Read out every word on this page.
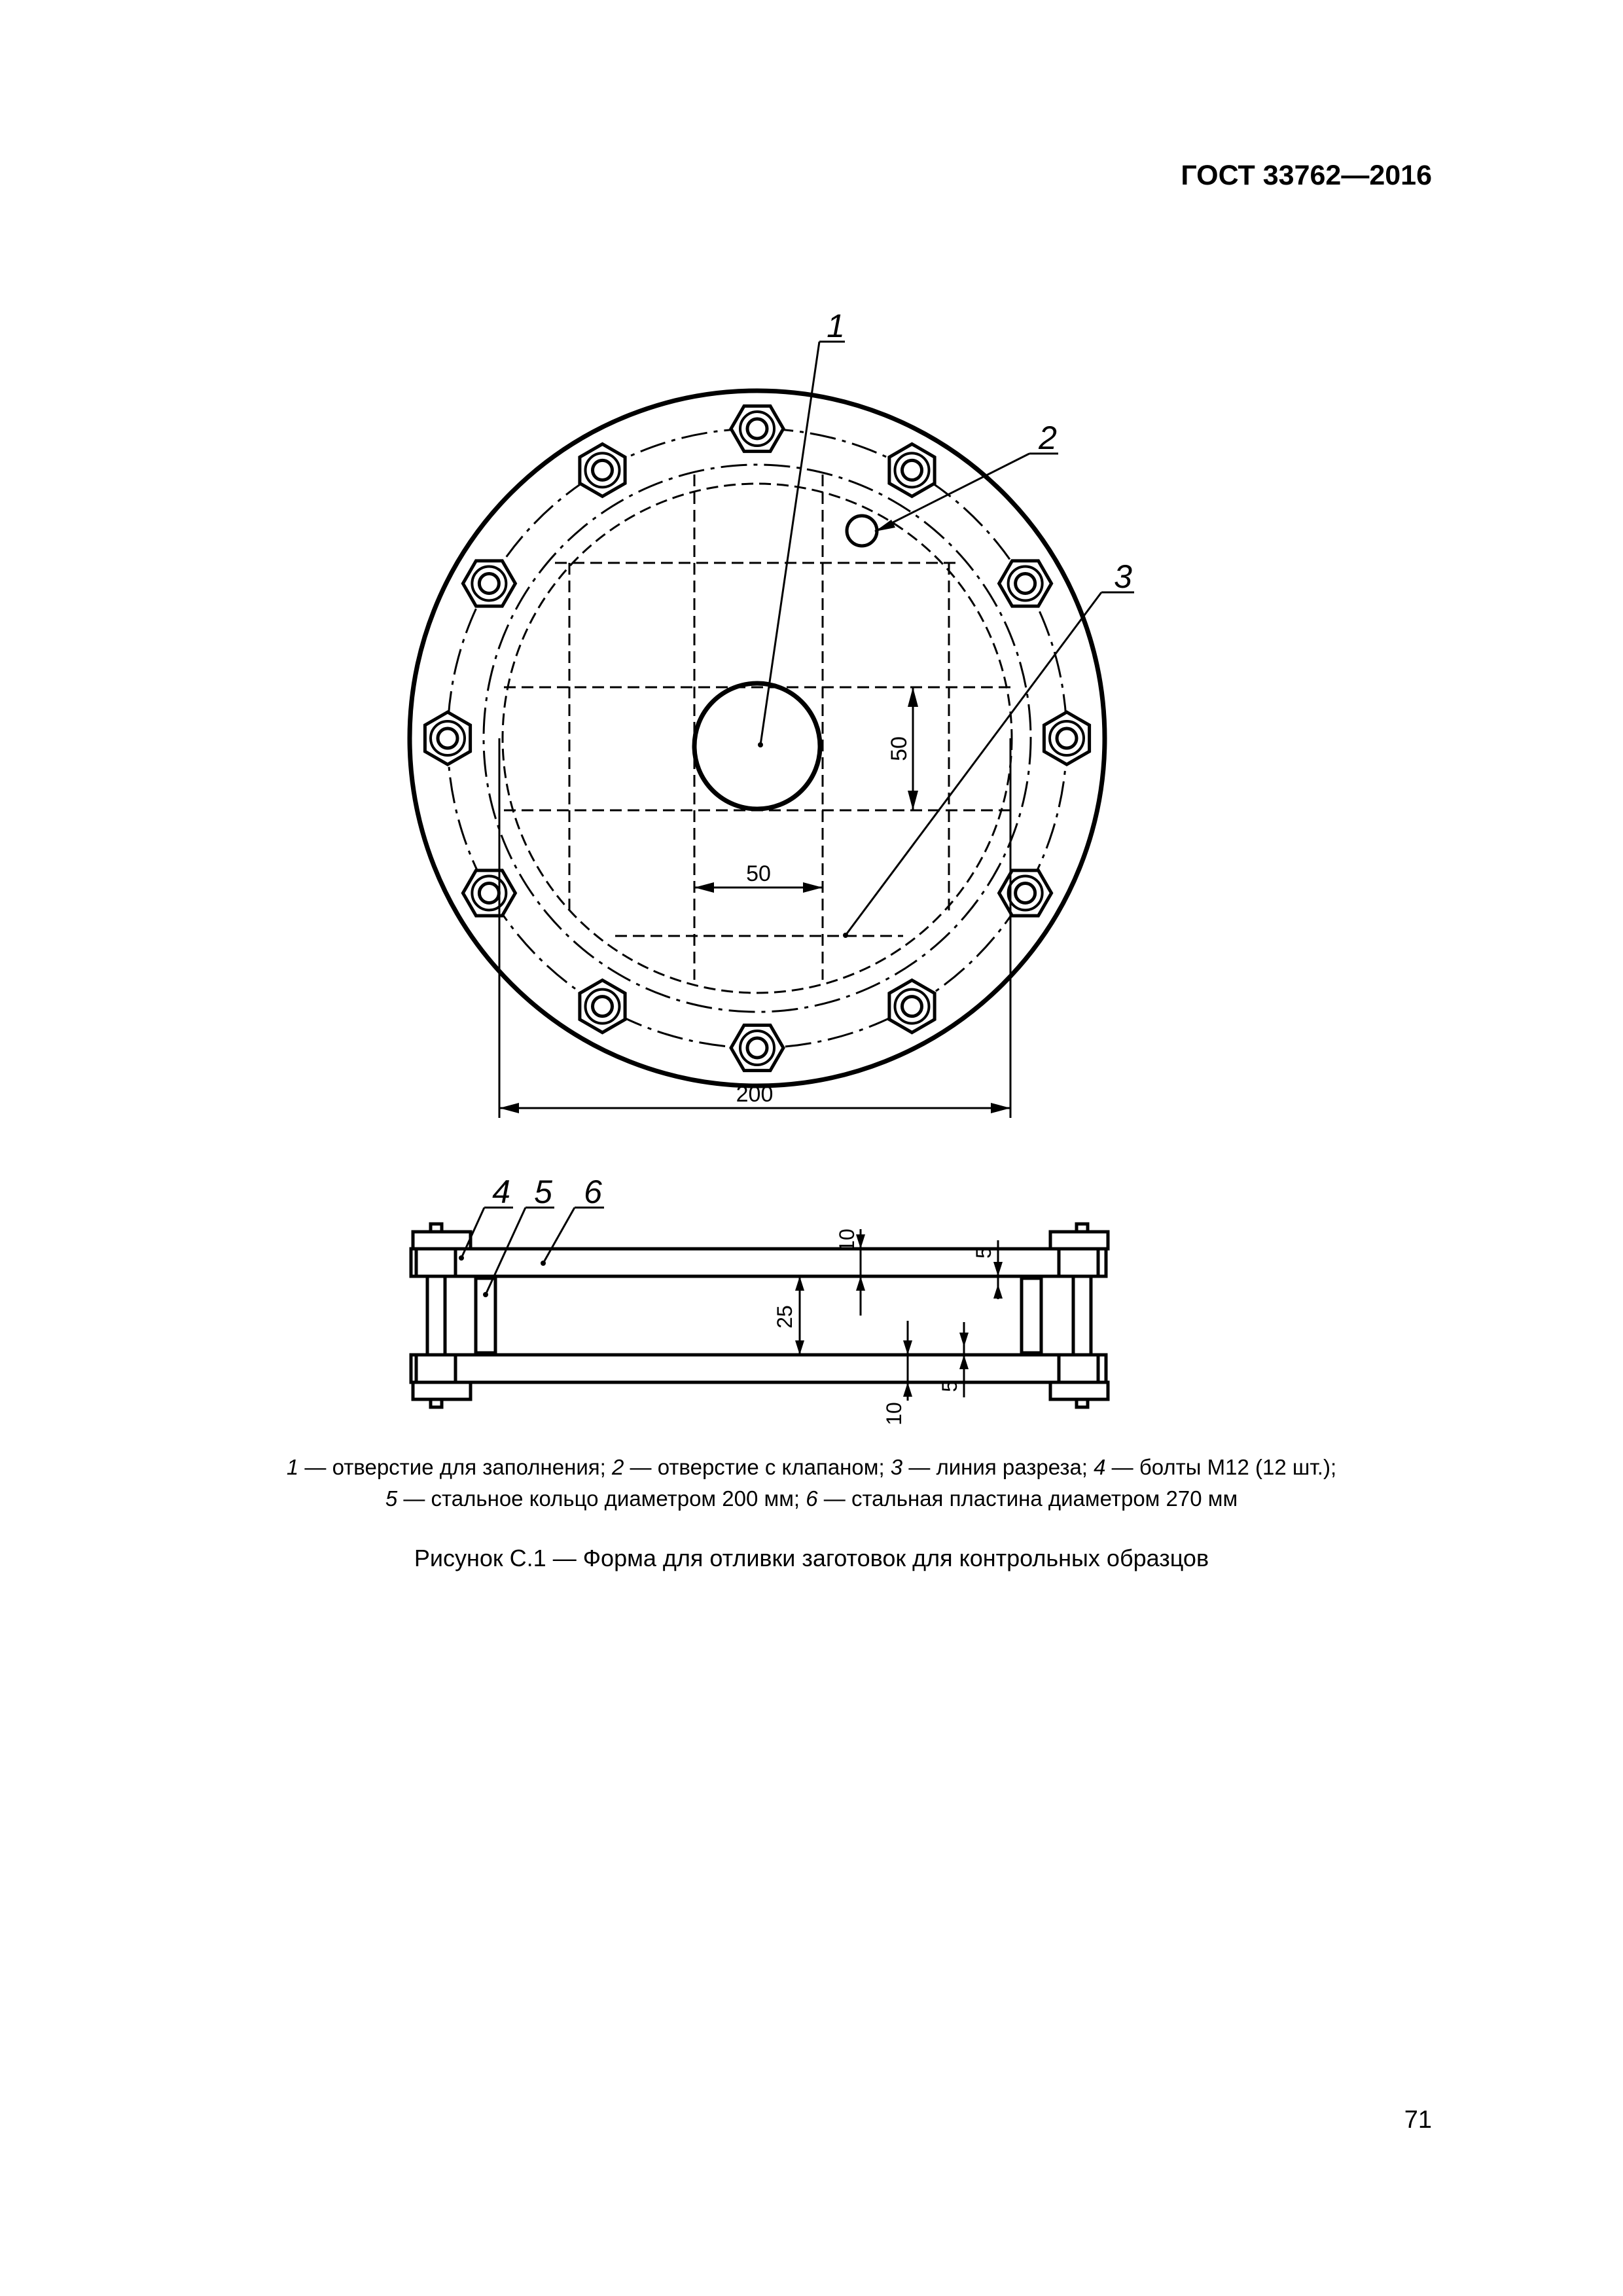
ГОСТ 33762—2016
200
50
50
1
2
3
10
25
10
5
5
4 5 6
1 — отверстие для заполнения; 2 — отверстие с клапаном; 3 — линия разреза; 4 — болты М12 (12 шт.);
5 — стальное кольцо диаметром 200 мм; 6 — стальная пластина диаметром 270 мм
Рисунок С.1 — Форма для отливки заготовок для контрольных образцов
71
